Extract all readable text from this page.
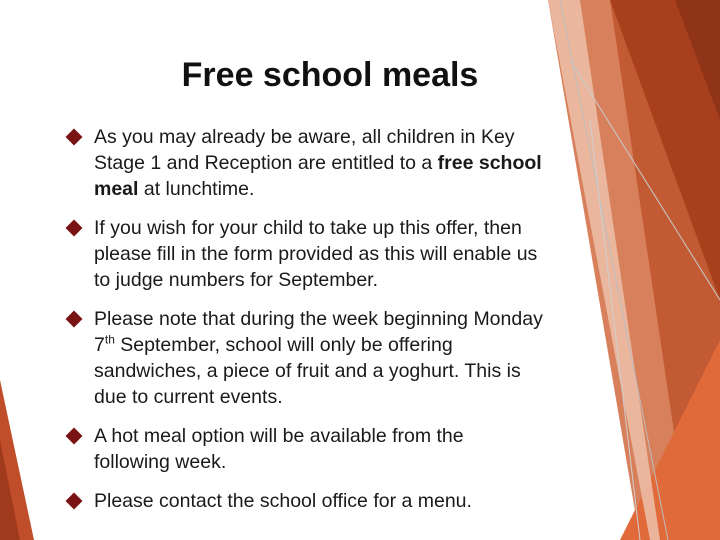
Free school meals
As you may already be aware, all children in Key Stage 1 and Reception are entitled to a free school meal at lunchtime.
If you wish for your child to take up this offer, then please fill in the form provided as this will enable us to judge numbers for September.
Please note that during the week beginning Monday 7th September, school will only be offering sandwiches, a piece of fruit and a yoghurt. This is due to current events.
A hot meal option will be available from the following week.
Please contact the school office for a menu.
